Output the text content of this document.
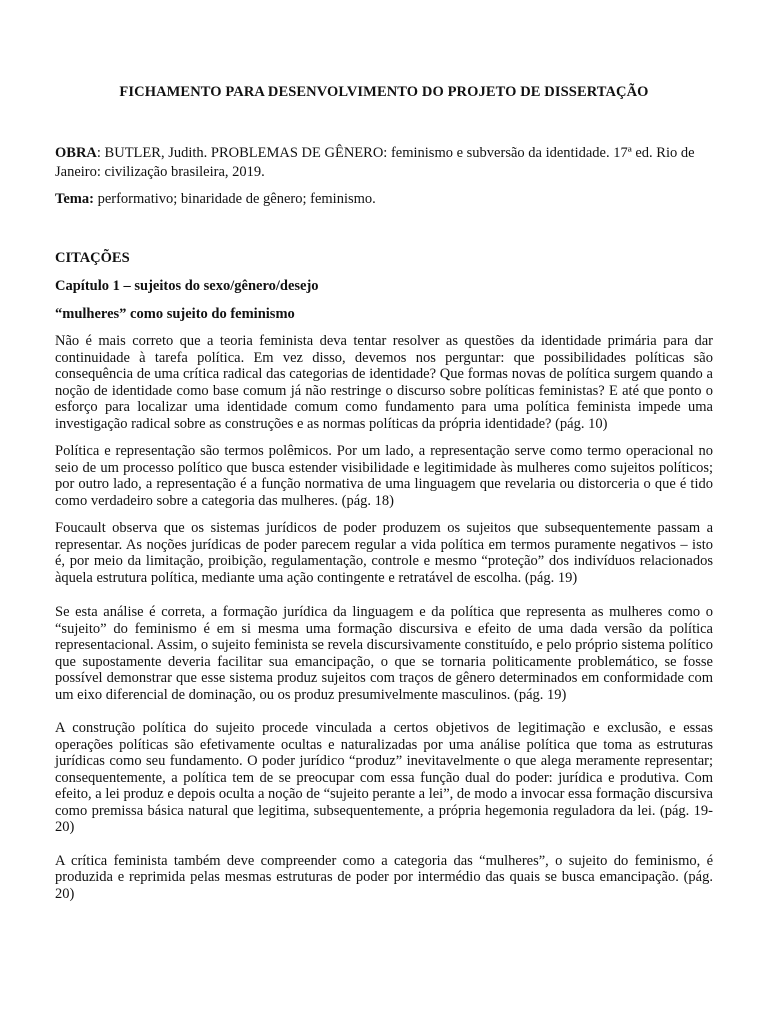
FICHAMENTO PARA DESENVOLVIMENTO DO PROJETO DE DISSERTAÇÃO

OBRA: BUTLER, Judith. PROBLEMAS DE GÊNERO: feminismo e subversão da identidade. 17ª ed. Rio de Janeiro: civilização brasileira, 2019.

Tema: performativo; binaridade de gênero; feminismo.

CITAÇÕES
Capítulo 1 – sujeitos do sexo/gênero/desejo
“mulheres” como sujeito do feminismo

Não é mais correto que a teoria feminista deva tentar resolver as questões da identidade primária para dar continuidade à tarefa política. Em vez disso, devemos nos perguntar: que possibilidades políticas são consequência de uma crítica radical das categorias de identidade? Que formas novas de política surgem quando a noção de identidade como base comum já não restringe o discurso sobre políticas feministas? E até que ponto o esforço para localizar uma identidade comum como fundamento para uma política feminista impede uma investigação radical sobre as construções e as normas políticas da própria identidade? (pág. 10)

Política e representação são termos polêmicos. Por um lado, a representação serve como termo operacional no seio de um processo político que busca estender visibilidade e legitimidade às mulheres como sujeitos políticos; por outro lado, a representação é a função normativa de uma linguagem que revelaria ou distorceria o que é tido como verdadeiro sobre a categoria das mulheres. (pág. 18)

Foucault observa que os sistemas jurídicos de poder produzem os sujeitos que subsequentemente passam a representar. As noções jurídicas de poder parecem regular a vida política em termos puramente negativos – isto é, por meio da limitação, proibição, regulamentação, controle e mesmo “proteção” dos indivíduos relacionados àquela estrutura política, mediante uma ação contingente e retratável de escolha. (pág. 19)

Se esta análise é correta, a formação jurídica da linguagem e da política que representa as mulheres como o “sujeito” do feminismo é em si mesma uma formação discursiva e efeito de uma dada versão da política representacional. Assim, o sujeito feminista se revela discursivamente constituído, e pelo próprio sistema político que supostamente deveria facilitar sua emancipação, o que se tornaria politicamente problemático, se fosse possível demonstrar que esse sistema produz sujeitos com traços de gênero determinados em conformidade com um eixo diferencial de dominação, ou os produz presumivelmente masculinos. (pág. 19)

A construção política do sujeito procede vinculada a certos objetivos de legitimação e exclusão, e essas operações políticas são efetivamente ocultas e naturalizadas por uma análise política que toma as estruturas jurídicas como seu fundamento. O poder jurídico “produz” inevitavelmente o que alega meramente representar; consequentemente, a política tem de se preocupar com essa função dual do poder: jurídica e produtiva. Com efeito, a lei produz e depois oculta a noção de “sujeito perante a lei”, de modo a invocar essa formação discursiva como premissa básica natural que legitima, subsequentemente, a própria hegemonia reguladora da lei. (pág. 19-20)

A crítica feminista também deve compreender como a categoria das “mulheres”, o sujeito do feminismo, é produzida e reprimida pelas mesmas estruturas de poder por intermédio das quais se busca emancipação. (pág. 20)
